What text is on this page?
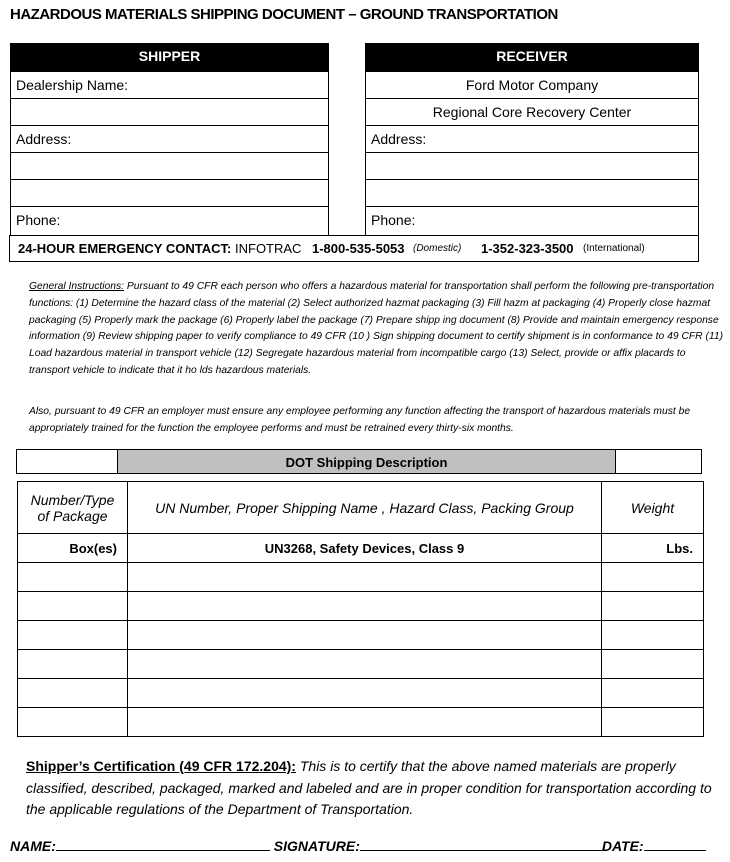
HAZARDOUS MATERIALS SHIPPING DOCUMENT – GROUND TRANSPORTATION
SHIPPER
Dealership Name:
Address:
Phone:
RECEIVER
Ford Motor Company
Regional Core Recovery Center
Address:
Phone:
24-HOUR EMERGENCY CONTACT: INFOTRAC 1-800-535-5053 (Domestic) 1-352-323-3500 (International)
General Instructions: Pursuant to 49 CFR each person who offers a hazardous material for transportation shall perform the following pre-transportation functions: (1) Determine the hazard class of the material (2) Select authorized hazmat packaging (3) Fill hazm at packaging (4) Properly close hazmat packaging (5) Properly mark the package (6) Properly label the package (7) Prepare shipp ing document (8) Provide and maintain emergency response information (9) Review shipping paper to verify compliance to 49 CFR (10 ) Sign shipping document to certify shipment is in conformance to 49 CFR (11) Load hazardous material in transport vehicle (12) Segregate hazardous material from incompatible cargo (13) Select, provide or affix placards to transport vehicle to indicate that it ho lds hazardous materials.
Also, pursuant to 49 CFR an employer must ensure any employee performing any function affecting the transport of hazardous materials must be appropriately trained for the function the employee performs and must be retrained every thirty-six months.
DOT Shipping Description
Number/Type of Package	UN Number, Proper Shipping Name , Hazard Class, Packing Group	Weight
Box(es)	UN3268, Safety Devices, Class 9	Lbs.

Shipper’s Certification (49 CFR 172.204): This is to certify that the above named materials are properly classified, described, packaged, marked and labeled and are in proper condition for transportation according to the applicable regulations of the Department of Transportation.
NAME:	SIGNATURE:	DATE:
